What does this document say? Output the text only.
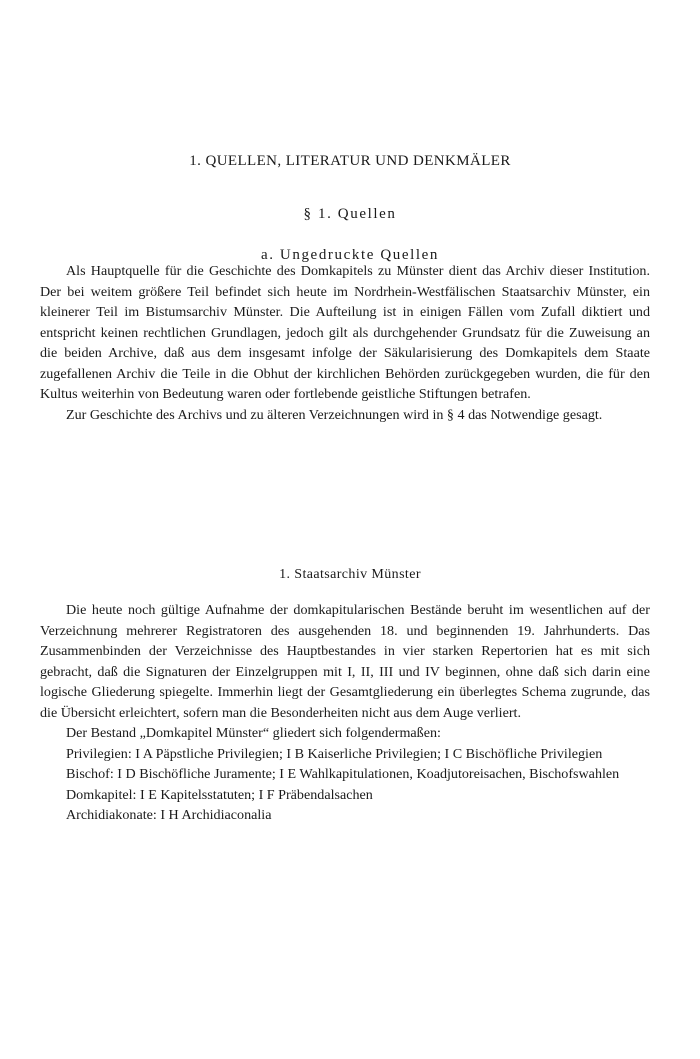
1. QUELLEN, LITERATUR UND DENKMÄLER
§ 1. Quellen
a. Ungedruckte Quellen

Als Hauptquelle für die Geschichte des Domkapitels zu Münster dient das Archiv dieser Institution. Der bei weitem größere Teil befindet sich heute im Nordrhein-Westfälischen Staatsarchiv Münster, ein kleinerer Teil im Bistumsarchiv Münster. Die Aufteilung ist in einigen Fällen vom Zufall diktiert und entspricht keinen rechtlichen Grundlagen, jedoch gilt als durchgehender Grundsatz für die Zuweisung an die beiden Archive, daß aus dem insgesamt infolge der Säkularisierung des Domkapitels dem Staate zugefallenen Archiv die Teile in die Obhut der kirchlichen Behörden zurückgegeben wurden, die für den Kultus weiterhin von Bedeutung waren oder fortlebende geistliche Stiftungen betrafen.

Zur Geschichte des Archivs und zu älteren Verzeichnungen wird in § 4 das Notwendige gesagt.

1. Staatsarchiv Münster

Die heute noch gültige Aufnahme der domkapitularischen Bestände beruht im wesentlichen auf der Verzeichnung mehrerer Registratoren des ausgehenden 18. und beginnenden 19. Jahrhunderts. Das Zusammenbinden der Verzeichnisse des Hauptbestandes in vier starken Repertorien hat es mit sich gebracht, daß die Signaturen der Einzelgruppen mit I, II, III und IV beginnen, ohne daß sich darin eine logische Gliederung spiegelte. Immerhin liegt der Gesamtgliederung ein überlegtes Schema zugrunde, das die Übersicht erleichtert, sofern man die Besonderheiten nicht aus dem Auge verliert.

Der Bestand „Domkapitel Münster“ gliedert sich folgendermaßen:

Privilegien: I A Päpstliche Privilegien; I B Kaiserliche Privilegien; I C Bischöfliche Privilegien

Bischof: I D Bischöfliche Juramente; I E Wahlkapitulationen, Koadjutoreisachen, Bischofswahlen

Domkapitel: I E Kapitelsstatuten; I F Präbendalsachen

Archidiakonate: I H Archidiaconalia
